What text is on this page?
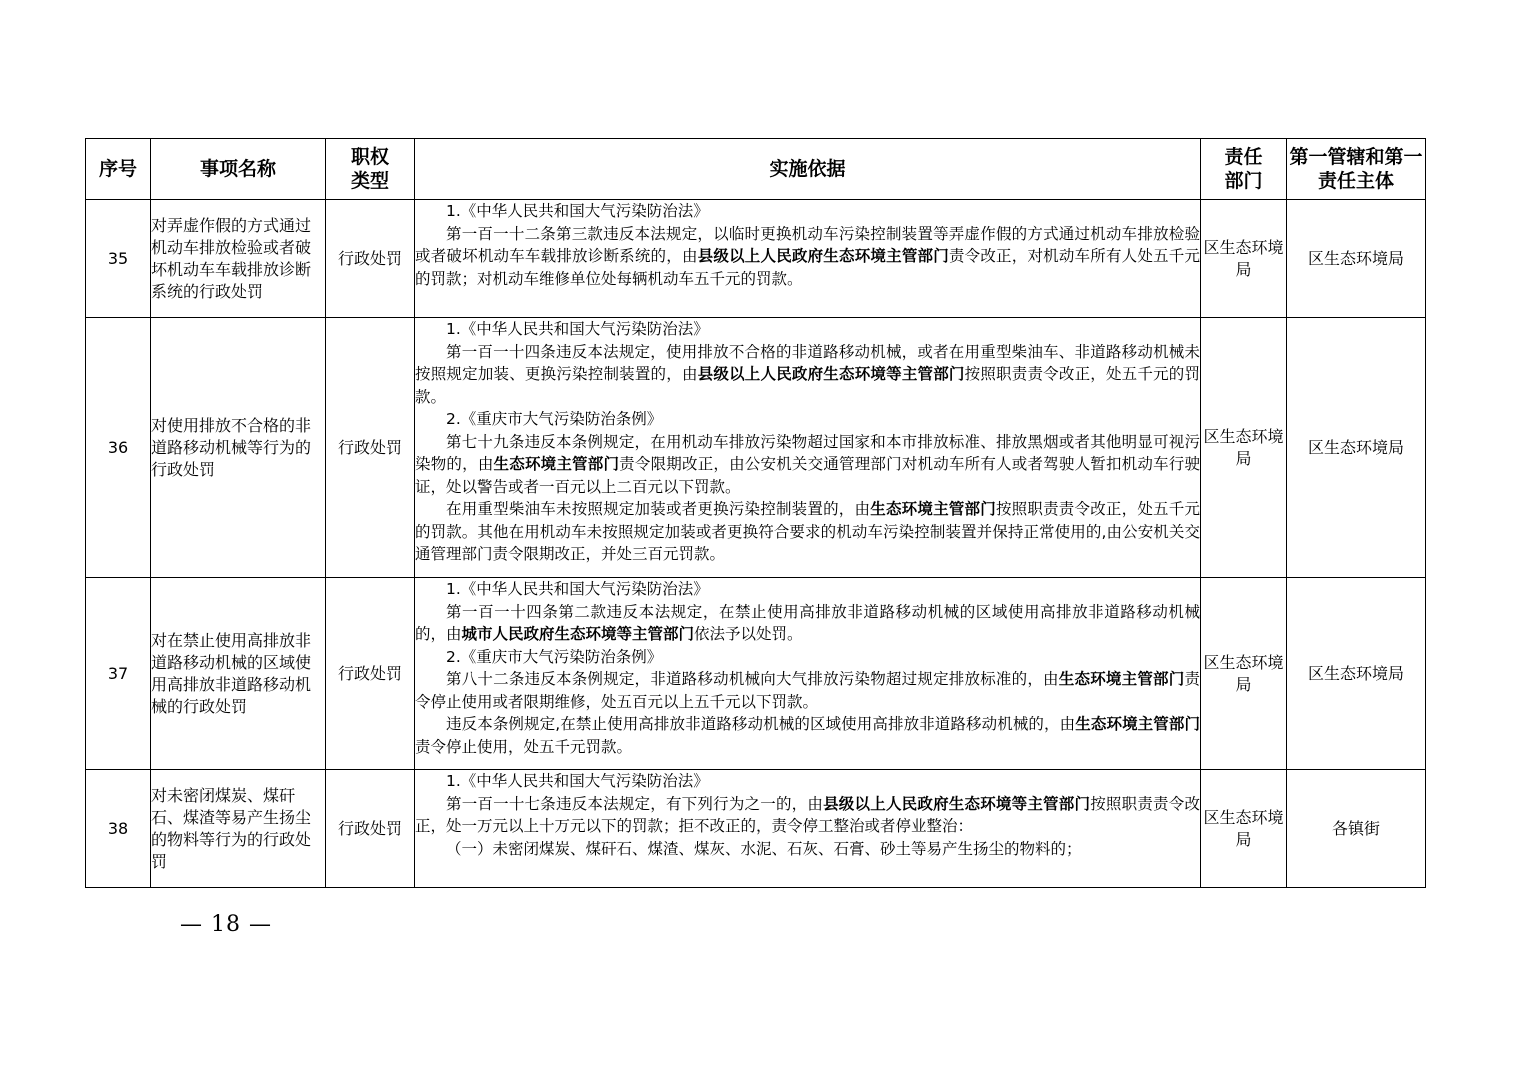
序号	事项名称	职权类型	实施依据	责任部门	第一管辖和第一责任主体
35	对弄虚作假的方式通过机动车排放检验或者破坏机动车车载排放诊断系统的行政处罚	行政处罚	1.《中华人民共和国大气污染防治法》

第一百一十二条第三款违反本法规定，以临时更换机动车污染控制装置等弄虚作假的方式通过机动车排放检验或者破坏机动车车载排放诊断系统的，由县级以上人民政府生态环境主管部门责令改正，对机动车所有人处五千元的罚款；对机动车维修单位处每辆机动车五千元的罚款。	区生态环境局	区生态环境局
36	对使用排放不合格的非道路移动机械等行为的行政处罚	行政处罚	1.《中华人民共和国大气污染防治法》

第一百一十四条违反本法规定，使用排放不合格的非道路移动机械，或者在用重型柴油车、非道路移动机械未按照规定加装、更换污染控制装置的，由县级以上人民政府生态环境等主管部门按照职责责令改正，处五千元的罚款。

2.《重庆市大气污染防治条例》

第七十九条违反本条例规定，在用机动车排放污染物超过国家和本市排放标准、排放黑烟或者其他明显可视污染物的，由生态环境主管部门责令限期改正，由公安机关交通管理部门对机动车所有人或者驾驶人暂扣机动车行驶证，处以警告或者一百元以上二百元以下罚款。

在用重型柴油车未按照规定加装或者更换污染控制装置的，由生态环境主管部门按照职责责令改正，处五千元的罚款。其他在用机动车未按照规定加装或者更换符合要求的机动车污染控制装置并保持正常使用的,由公安机关交通管理部门责令限期改正，并处三百元罚款。	区生态环境局	区生态环境局
37	对在禁止使用高排放非道路移动机械的区域使用高排放非道路移动机械的行政处罚	行政处罚	1.《中华人民共和国大气污染防治法》

第一百一十四条第二款违反本法规定，在禁止使用高排放非道路移动机械的区域使用高排放非道路移动机械的，由城市人民政府生态环境等主管部门依法予以处罚。

2.《重庆市大气污染防治条例》

第八十二条违反本条例规定，非道路移动机械向大气排放污染物超过规定排放标准的，由生态环境主管部门责令停止使用或者限期维修，处五百元以上五千元以下罚款。

违反本条例规定,在禁止使用高排放非道路移动机械的区域使用高排放非道路移动机械的，由生态环境主管部门责令停止使用，处五千元罚款。	区生态环境局	区生态环境局
38	对未密闭煤炭、煤矸石、煤渣等易产生扬尘的物料等行为的行政处罚	行政处罚	1.《中华人民共和国大气污染防治法》

第一百一十七条违反本法规定，有下列行为之一的，由县级以上人民政府生态环境等主管部门按照职责责令改正，处一万元以上十万元以下的罚款；拒不改正的，责令停工整治或者停业整治：

（一）未密闭煤炭、煤矸石、煤渣、煤灰、水泥、石灰、石膏、砂土等易产生扬尘的物料的；	区生态环境局	各镇街
— 18 —
